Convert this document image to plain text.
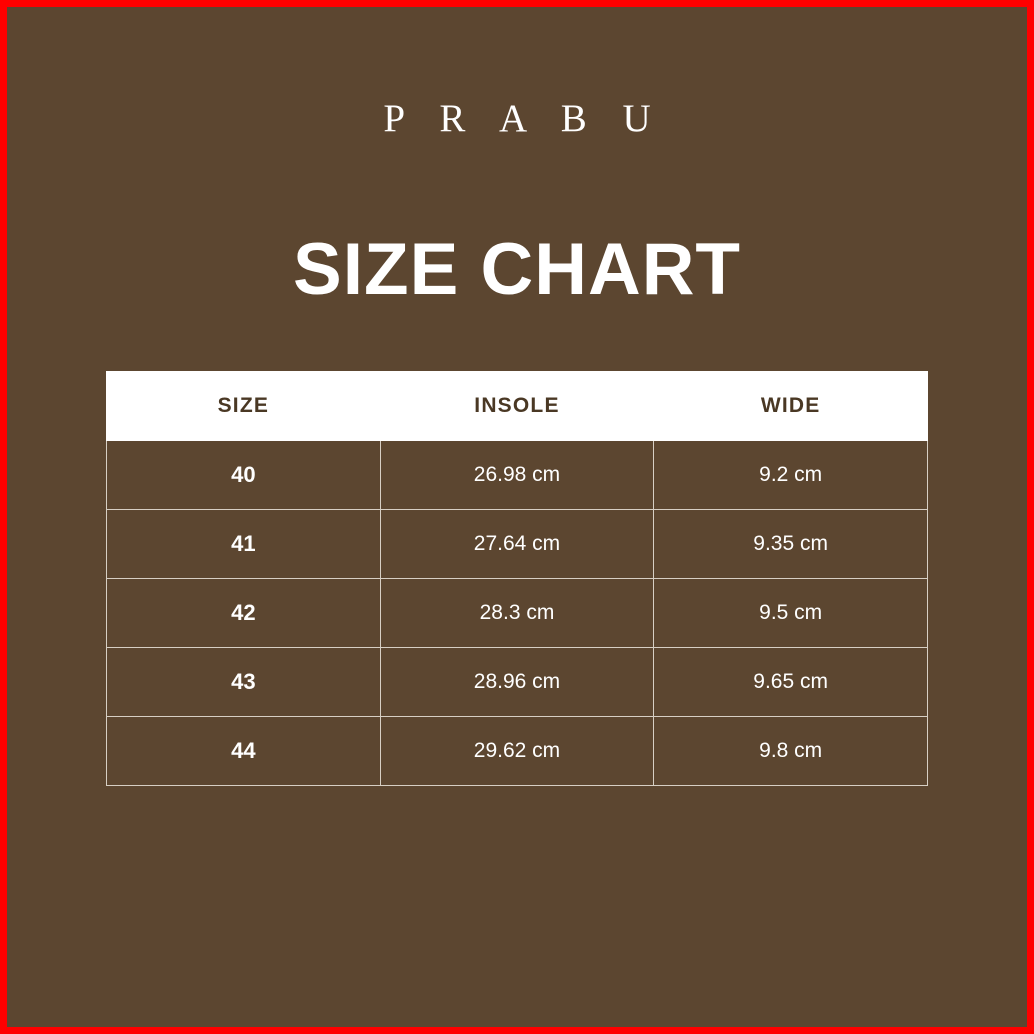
P R A B U
SIZE CHART
SIZE	INSOLE	WIDE
40	26.98 cm	9.2 cm
41	27.64 cm	9.35 cm
42	28.3 cm	9.5 cm
43	28.96 cm	9.65 cm
44	29.62 cm	9.8 cm
